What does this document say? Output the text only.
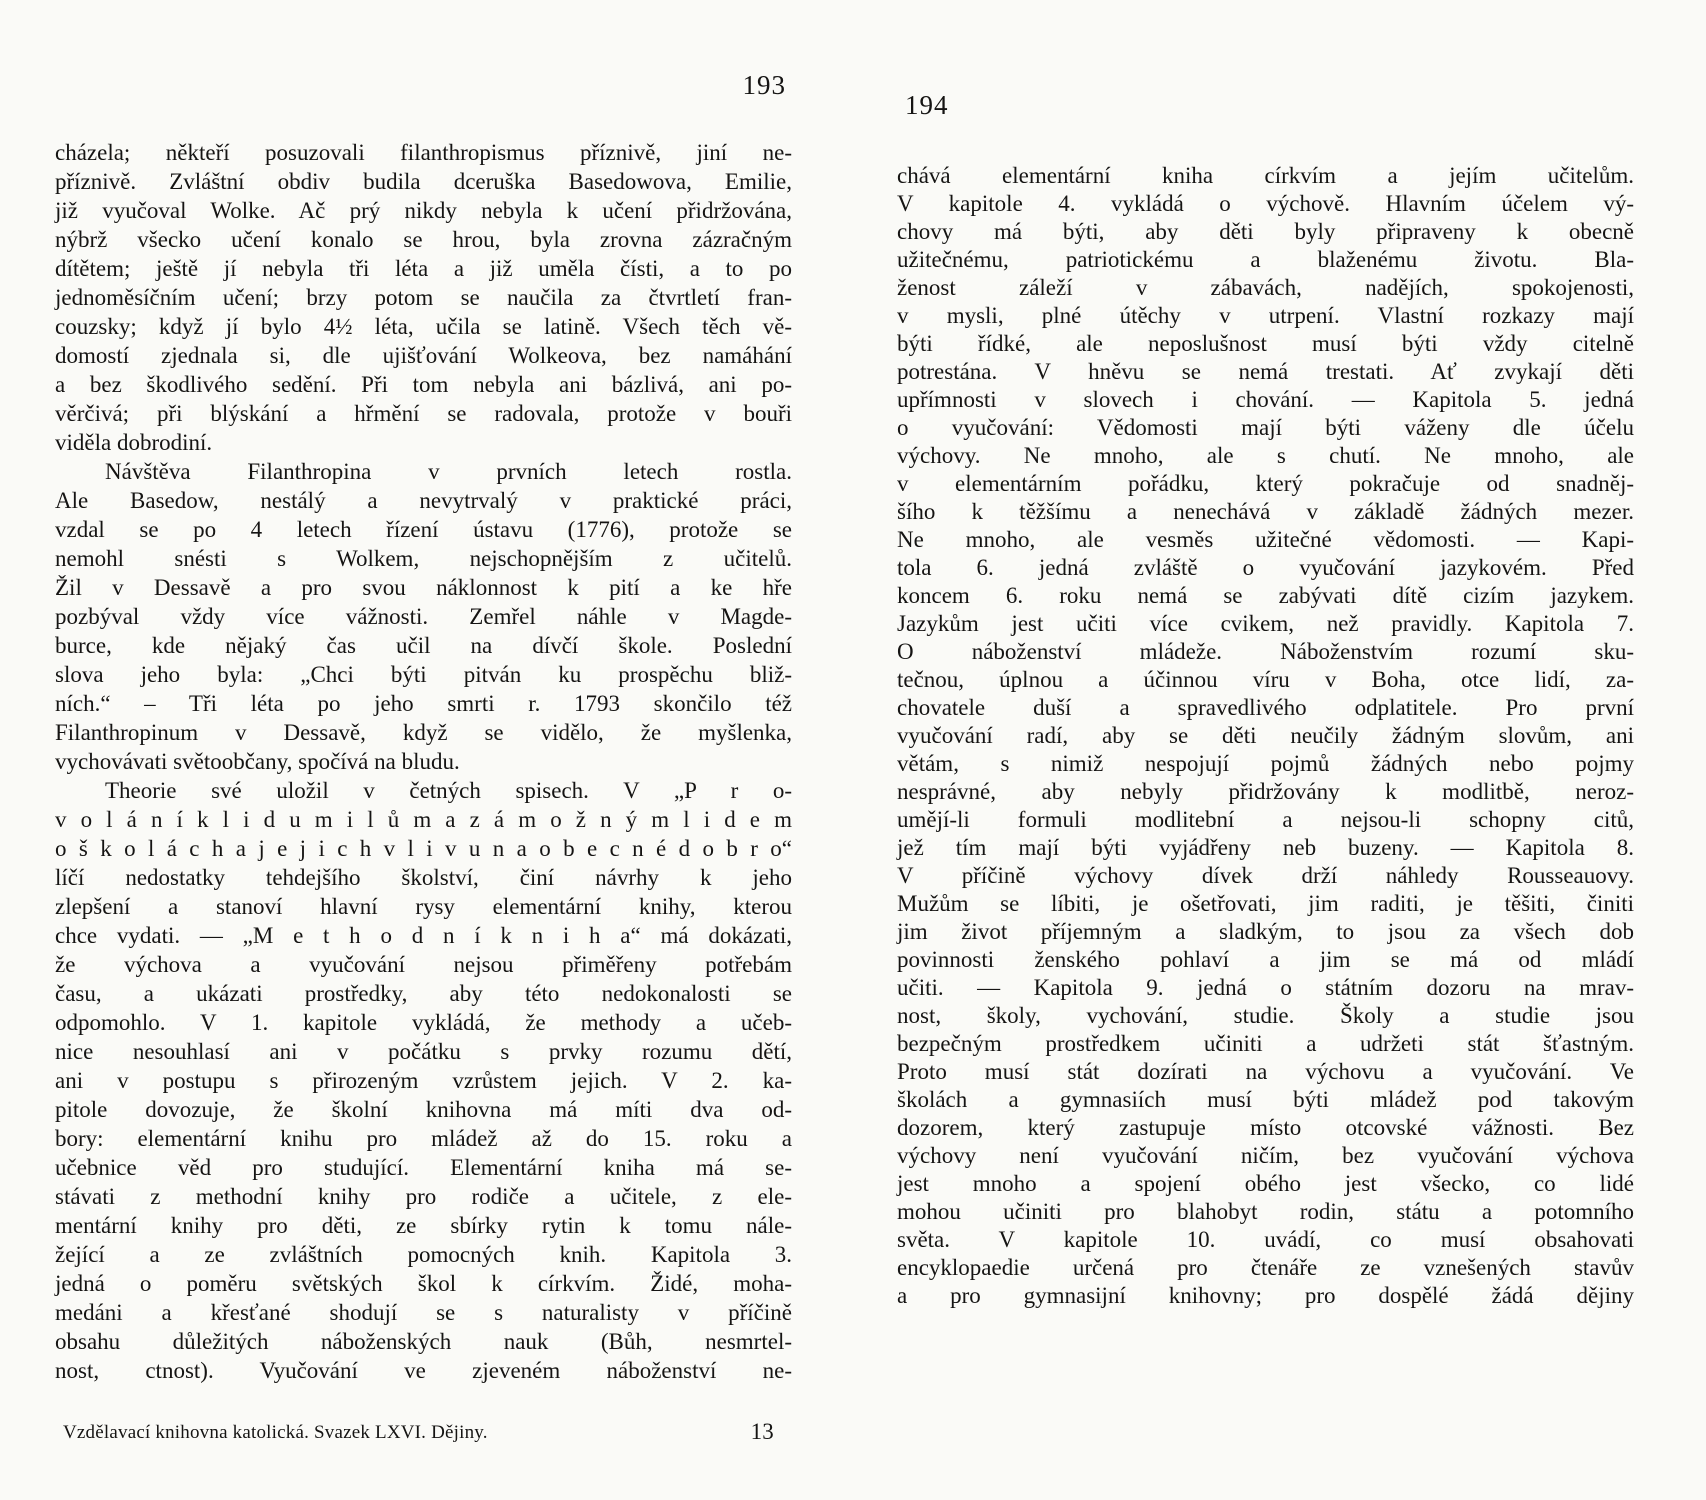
193
cházela; někteří posuzovali filanthropismus příznivě, jiní ne-
příznivě. Zvláštní obdiv budila dceruška Basedowova, Emilie,
již vyučoval Wolke. Ač prý nikdy nebyla k učení přidržována,
nýbrž všecko učení konalo se hrou, byla zrovna zázračným
dítětem; ještě jí nebyla tři léta a již uměla čísti, a to po
jednoměsíčním učení; brzy potom se naučila za čtvrtletí fran-
couzsky; když jí bylo 4½ léta, učila se latině. Všech těch vě-
domostí zjednala si, dle ujišťování Wolkeova, bez namáhání
a bez škodlivého sedění. Při tom nebyla ani bázlivá, ani po-
věrčivá; při blýskání a hřmění se radovala, protože v bouři
viděla dobrodiní.
Návštěva Filanthropina v prvních letech rostla.
Ale Basedow, nestálý a nevytrvalý v praktické práci,
vzdal se po 4 letech řízení ústavu (1776), protože se
nemohl snésti s Wolkem, nejschopnějším z učitelů.
Žil v Dessavě a pro svou náklonnost k pití a ke hře
pozbýval vždy více vážnosti. Zemřel náhle v Magde-
burce, kde nějaký čas učil na dívčí škole. Poslední
slova jeho byla: „Chci býti pitván ku prospěchu bliž-
ních.“ – Tři léta po jeho smrti r. 1793 skončilo též
Filanthropinum v Dessavě, když se vidělo, že myšlenka,
vychovávati světoobčany, spočívá na bludu.
Theorie své uložil v četných spisech. V „P r o-
v o l á n í k l i d u m i l ů m a z á m o ž n ý m l i d e m
o š k o l á c h a j e j i c h v l i v u n a o b e c n é d o b r o“
líčí nedostatky tehdejšího školství, činí návrhy k jeho
zlepšení a stanoví hlavní rysy elementární knihy, kterou
chce vydati. — „M e t h o d n í k n i h a“ má dokázati,
že výchova a vyučování nejsou přiměřeny potřebám
času, a ukázati prostředky, aby této nedokonalosti se
odpomohlo. V 1. kapitole vykládá, že methody a učeb-
nice nesouhlasí ani v počátku s prvky rozumu dětí,
ani v postupu s přirozeným vzrůstem jejich. V 2. ka-
pitole dovozuje, že školní knihovna má míti dva od-
bory: elementární knihu pro mládež až do 15. roku a
učebnice věd pro studující. Elementární kniha má se-
stávati z methodní knihy pro rodiče a učitele, z ele-
mentární knihy pro děti, ze sbírky rytin k tomu nále-
žející a ze zvláštních pomocných knih. Kapitola 3.
jedná o poměru světských škol k církvím. Židé, moha-
medáni a křesťané shodují se s naturalisty v příčině
obsahu důležitých náboženských nauk (Bůh, nesmrtel-
nost, ctnost). Vyučování ve zjeveném náboženství ne-
Vzdělavací knihovna katolická. Svazek LXVI. Dějiny.	13
194
chává elementární kniha církvím a jejím učitelům.
V kapitole 4. vykládá o výchově. Hlavním účelem vý-
chovy má býti, aby děti byly připraveny k obecně
užitečnému, patriotickému a blaženému životu. Bla-
ženost záleží v zábavách, nadějích, spokojenosti,
v mysli, plné útěchy v utrpení. Vlastní rozkazy mají
býti řídké, ale neposlušnost musí býti vždy citelně
potrestána. V hněvu se nemá trestati. Ať zvykají děti
upřímnosti v slovech i chování. — Kapitola 5. jedná
o vyučování: Vědomosti mají býti váženy dle účelu
výchovy. Ne mnoho, ale s chutí. Ne mnoho, ale
v elementárním pořádku, který pokračuje od snadněj-
šího k těžšímu a nenechává v základě žádných mezer.
Ne mnoho, ale vesměs užitečné vědomosti. — Kapi-
tola 6. jedná zvláště o vyučování jazykovém. Před
koncem 6. roku nemá se zabývati dítě cizím jazykem.
Jazykům jest učiti více cvikem, než pravidly. Kapitola 7.
O náboženství mládeže. Náboženstvím rozumí sku-
tečnou, úplnou a účinnou víru v Boha, otce lidí, za-
chovatele duší a spravedlivého odplatitele. Pro první
vyučování radí, aby se děti neučily žádným slovům, ani
větám, s nimiž nespojují pojmů žádných nebo pojmy
nesprávné, aby nebyly přidržovány k modlitbě, neroz-
umějí-li formuli modlitební a nejsou-li schopny citů,
jež tím mají býti vyjádřeny neb buzeny. — Kapitola 8.
V příčině výchovy dívek drží náhledy Rousseauovy.
Mužům se líbiti, je ošetřovati, jim raditi, je těšiti, činiti
jim život příjemným a sladkým, to jsou za všech dob
povinnosti ženského pohlaví a jim se má od mládí
učiti. — Kapitola 9. jedná o státním dozoru na mrav-
nost, školy, vychování, studie. Školy a studie jsou
bezpečným prostředkem učiniti a udržeti stát šťastným.
Proto musí stát dozírati na výchovu a vyučování. Ve
školách a gymnasiích musí býti mládež pod takovým
dozorem, který zastupuje místo otcovské vážnosti. Bez
výchovy není vyučování ničím, bez vyučování výchova
jest mnoho a spojení obého jest všecko, co lidé
mohou učiniti pro blahobyt rodin, státu a potomního
světa. V kapitole 10. uvádí, co musí obsahovati
encyklopaedie určená pro čtenáře ze vznešených stavův
a pro gymnasijní knihovny; pro dospělé žádá dějiny
